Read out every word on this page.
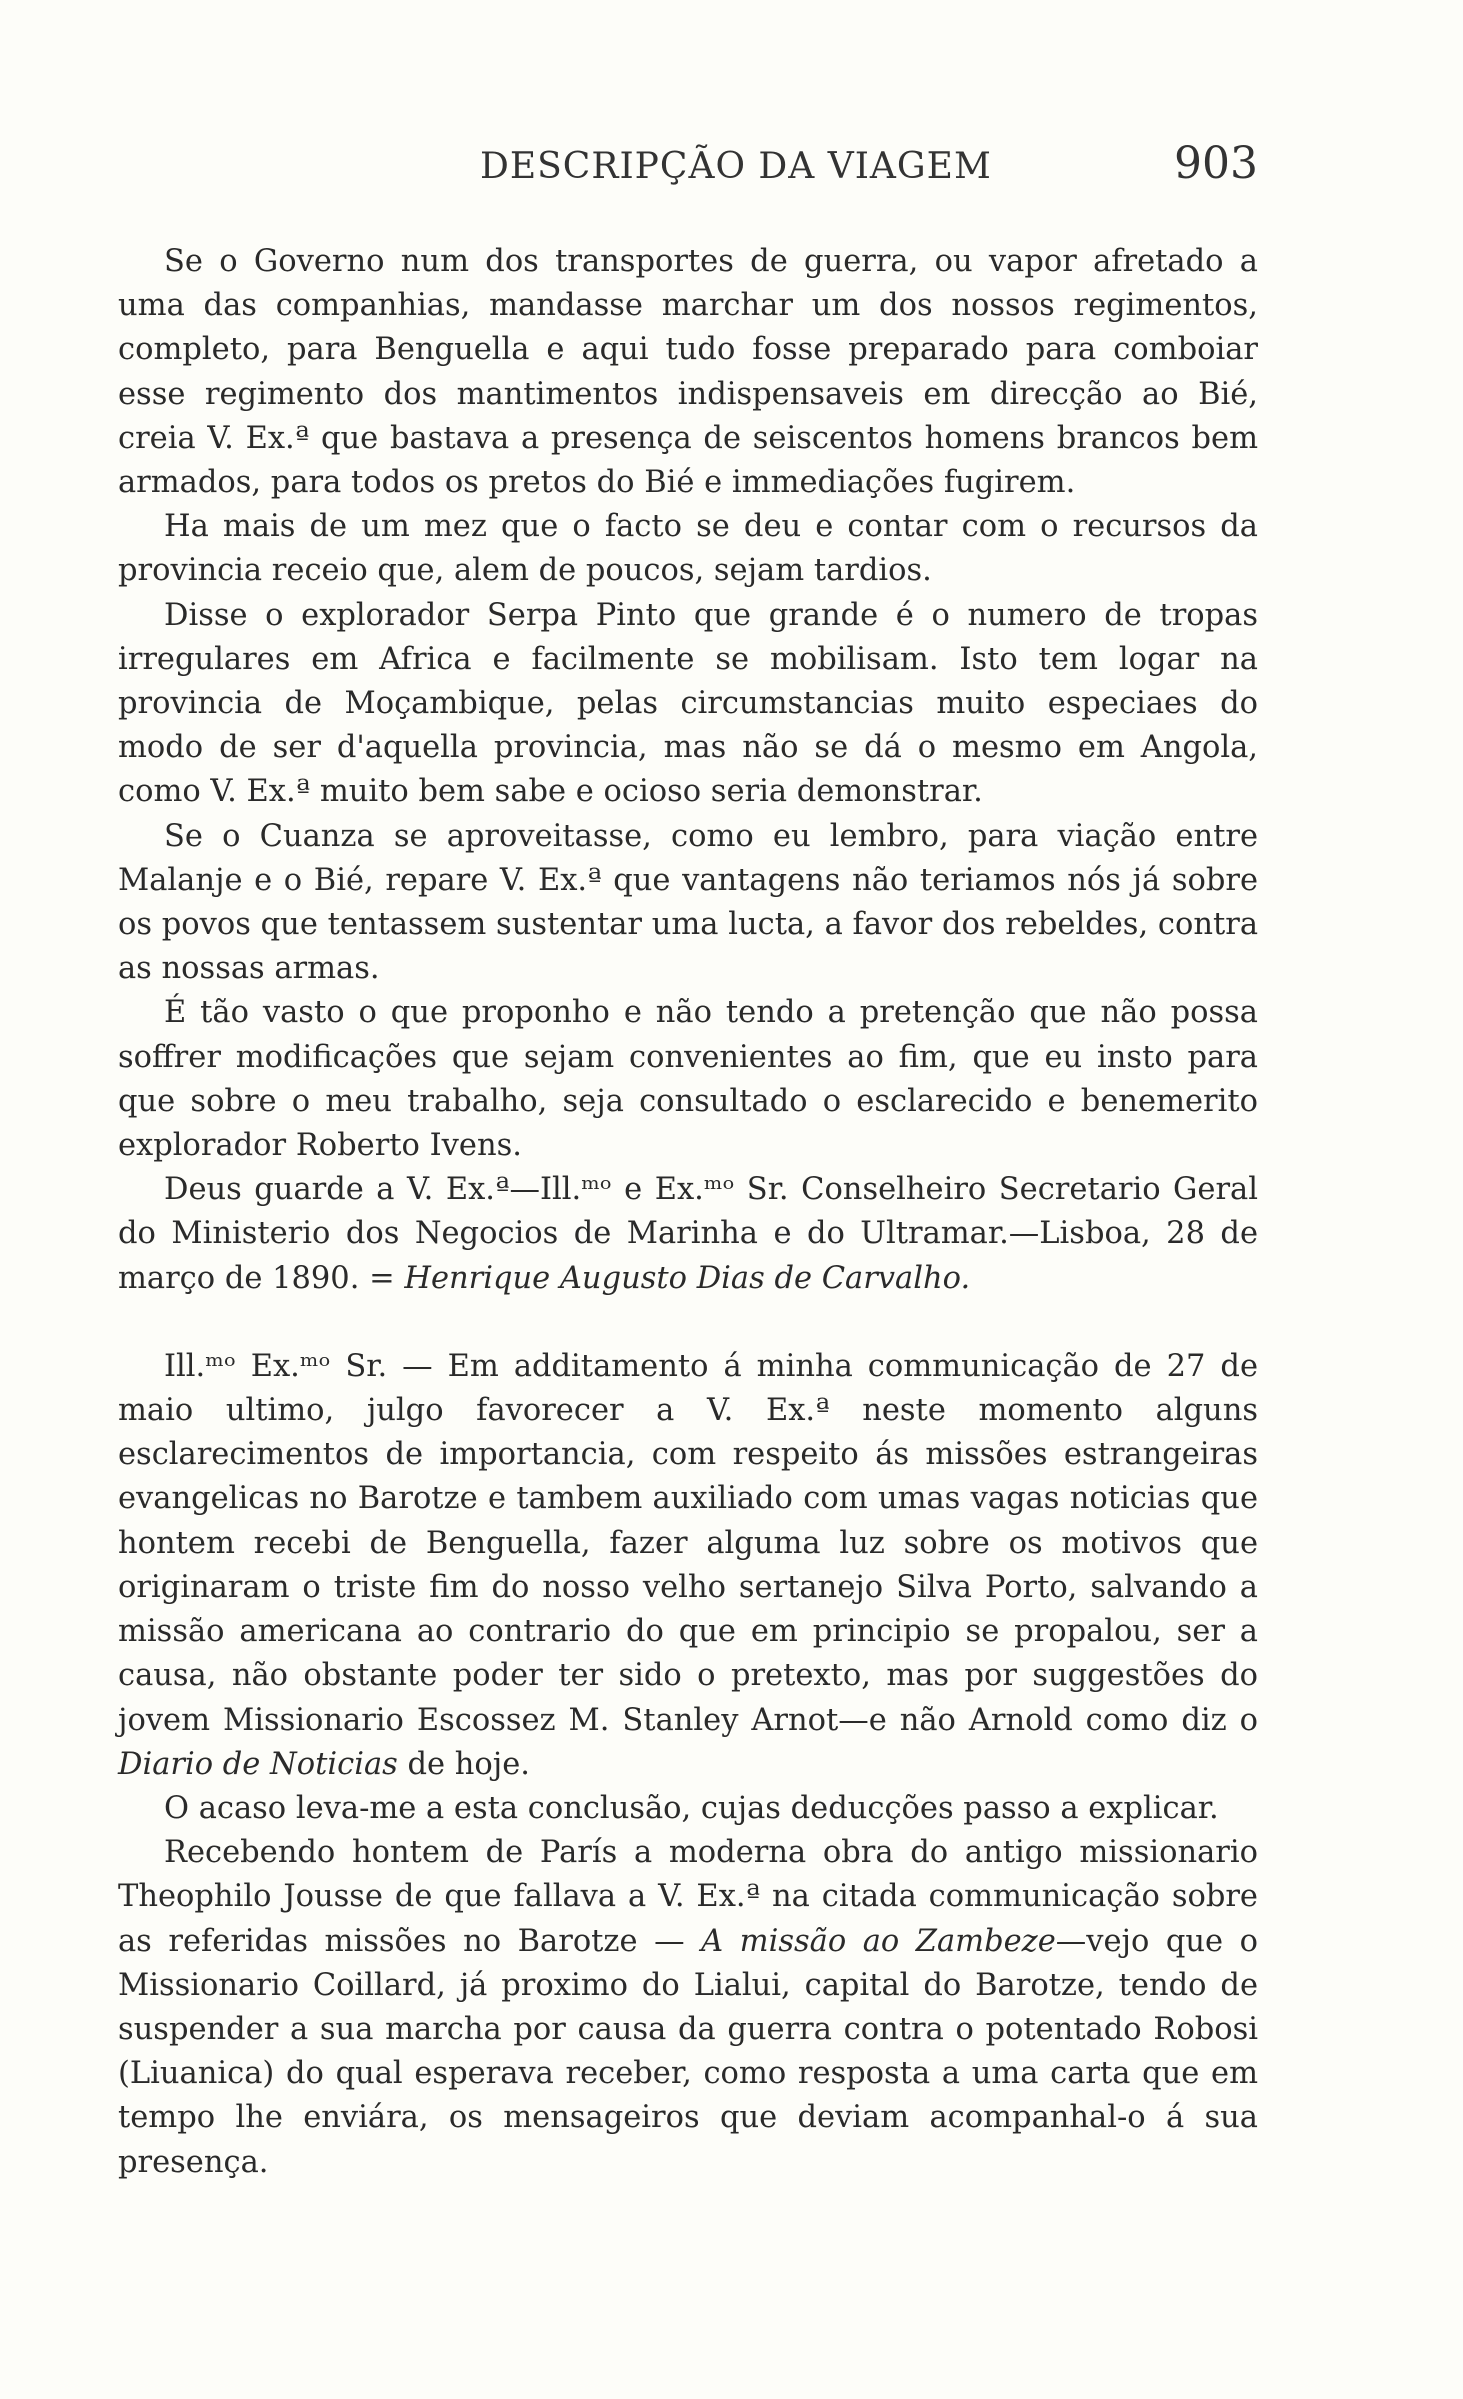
DESCRIPÇÃO DA VIAGEM	903

Se o Governo num dos transportes de guerra, ou vapor afretado a uma das companhias, mandasse marchar um dos nossos regimentos, completo, para Benguella e aqui tudo fosse preparado para comboiar esse regimento dos mantimentos indispensaveis em direcção ao Bié, creia V. Ex.ª que bastava a presença de seiscentos homens brancos bem armados, para todos os pretos do Bié e immediações fugirem.

Ha mais de um mez que o facto se deu e contar com o recursos da provincia receio que, alem de poucos, sejam tardios.

Disse o explorador Serpa Pinto que grande é o numero de tropas irregulares em Africa e facilmente se mobilisam. Isto tem logar na provincia de Moçambique, pelas circumstancias muito especiaes do modo de ser d'aquella provincia, mas não se dá o mesmo em Angola, como V. Ex.ª muito bem sabe e ocioso seria demonstrar.

Se o Cuanza se aproveitasse, como eu lembro, para viação entre Malanje e o Bié, repare V. Ex.ª que vantagens não teriamos nós já sobre os povos que tentassem sustentar uma lucta, a favor dos rebeldes, contra as nossas armas.

É tão vasto o que proponho e não tendo a pretenção que não possa soffrer modificações que sejam convenientes ao fim, que eu insto para que sobre o meu trabalho, seja consultado o esclarecido e benemerito explorador Roberto Ivens.

Deus guarde a V. Ex.ª—Ill.ᵐᵒ e Ex.ᵐᵒ Sr. Conselheiro Secretario Geral do Ministerio dos Negocios de Marinha e do Ultramar.—Lisboa, 28 de março de 1890. = Henrique Augusto Dias de Carvalho.

Ill.ᵐᵒ Ex.ᵐᵒ Sr. — Em additamento á minha communicação de 27 de maio ultimo, julgo favorecer a V. Ex.ª neste momento alguns esclarecimentos de importancia, com respeito ás missões estrangeiras evangelicas no Barotze e tambem auxiliado com umas vagas noticias que hontem recebi de Benguella, fazer alguma luz sobre os motivos que originaram o triste fim do nosso velho sertanejo Silva Porto, salvando a missão americana ao contrario do que em principio se propalou, ser a causa, não obstante poder ter sido o pretexto, mas por suggestões do jovem Missionario Escossez M. Stanley Arnot—e não Arnold como diz o Diario de Noticias de hoje.

O acaso leva-me a esta conclusão, cujas deducções passo a explicar.

Recebendo hontem de París a moderna obra do antigo missionario Theophilo Jousse de que fallava a V. Ex.ª na citada communicação sobre as referidas missões no Barotze — A missão ao Zambeze—vejo que o Missionario Coillard, já proximo do Lialui, capital do Barotze, tendo de suspender a sua marcha por causa da guerra contra o potentado Robosi (Liuanica) do qual esperava receber, como resposta a uma carta que em tempo lhe enviára, os mensageiros que deviam acompanhal-o á sua presença.
